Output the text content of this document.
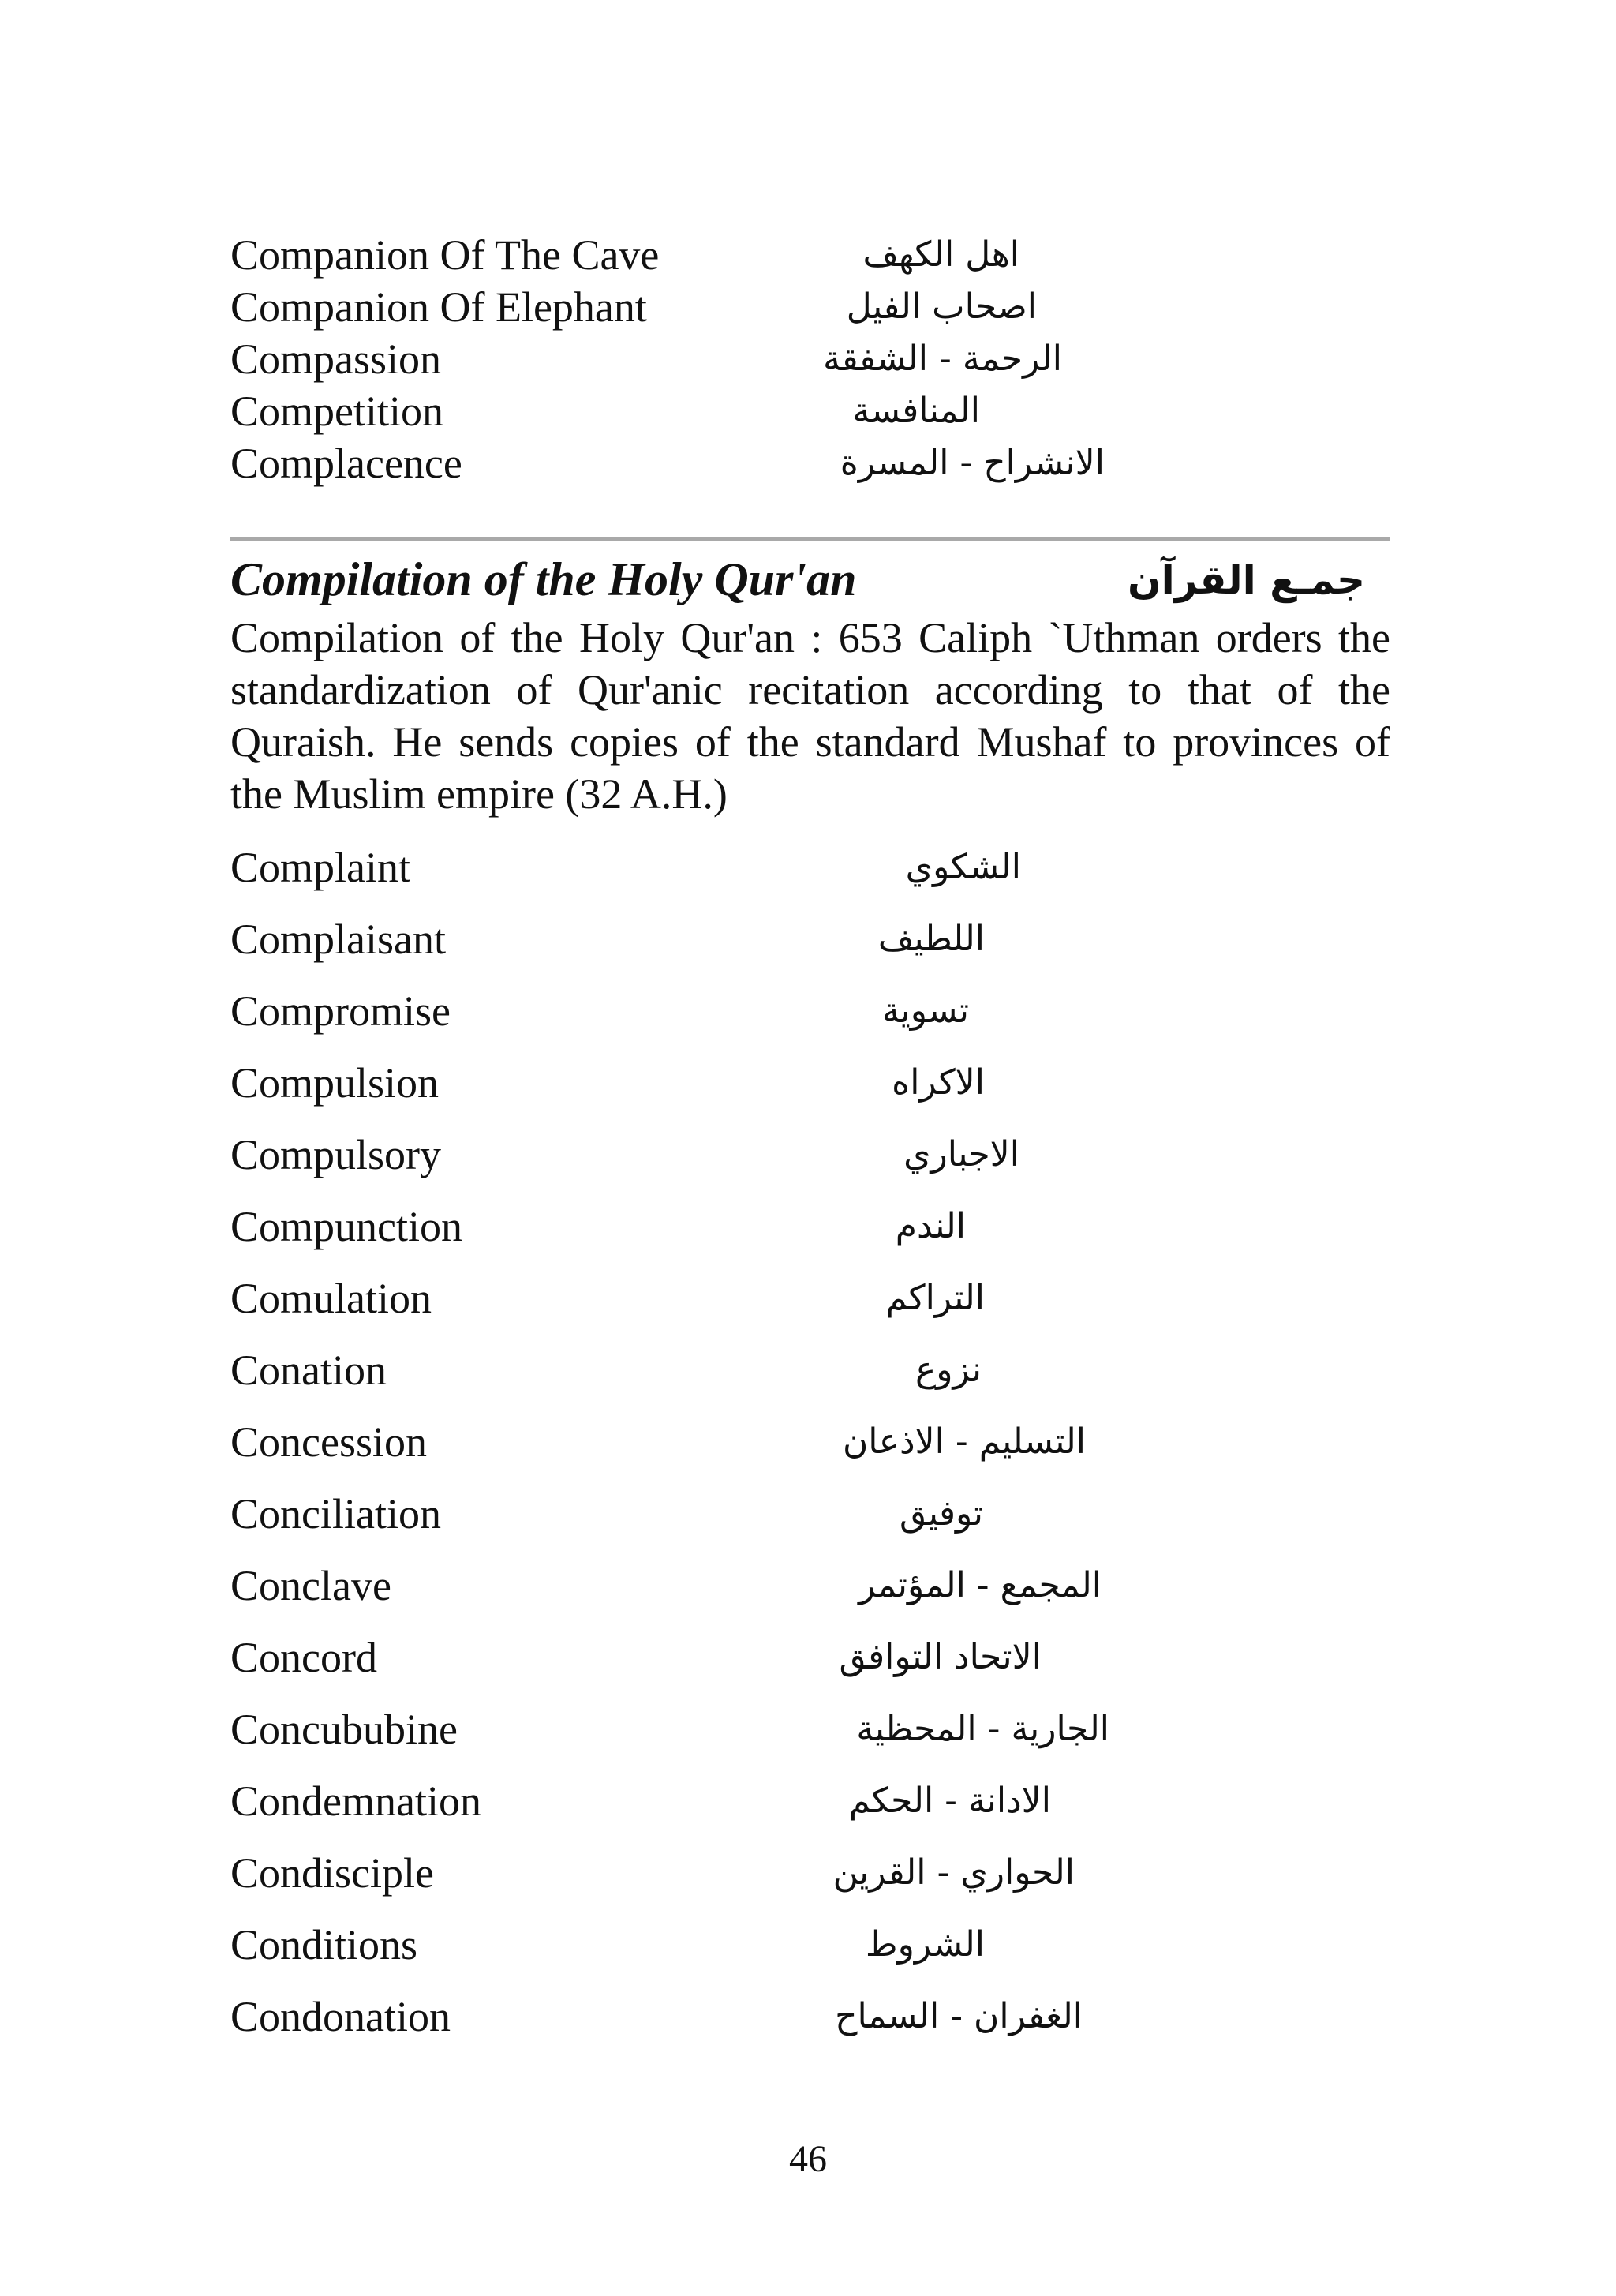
Companion Of The Cave	اهل الكهف
Companion Of Elephant	اصحاب الفيل
Compassion	الرحمة - الشفقة
Competition	المنافسة
Complacence	الانشراح - المسرة
Compilation of the Holy Qur'an	جمـع القرآن
Compilation of the Holy Qur'an : 653 Caliph `Uthman orders the standardization of Qur'anic recitation according to that of the Quraish. He sends copies of the standard Mushaf to provinces of the Muslim empire (32 A.H.)
Complaint	الشكوي
Complaisant	اللطيف
Compromise	تسوية
Compulsion	الاكراه
Compulsory	الاجباري
Compunction	الندم
Comulation	التراكم
Conation	نزوع
Concession	التسليم - الاذعان
Conciliation	توفيق
Conclave	المجمع - المؤتمر
Concord	الاتحاد التوافق
Concububine	الجارية - المحظية
Condemnation	الادانة - الحكم
Condisciple	الحواري - القرين
Conditions	الشروط
Condonation	الغفران - السماح
46
